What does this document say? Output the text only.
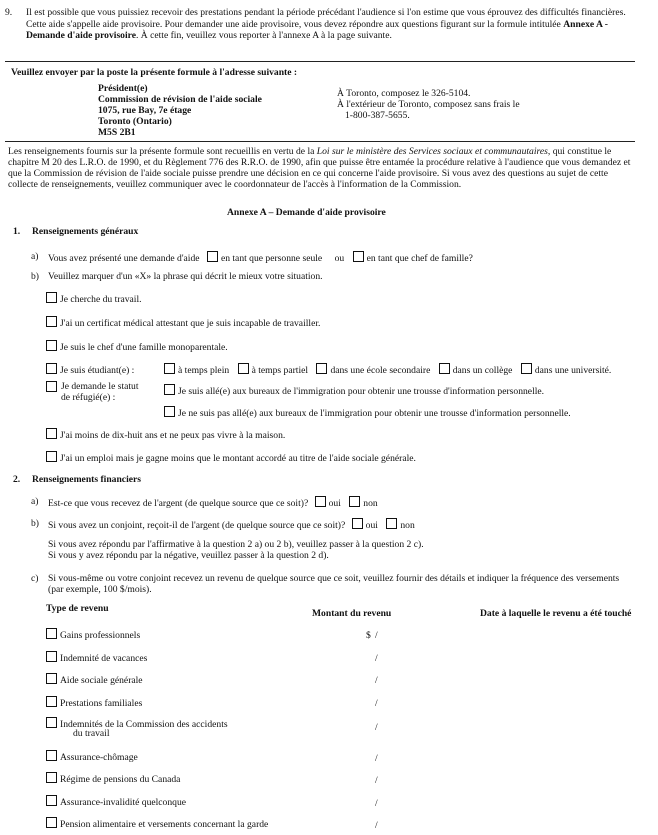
9. Il est possible que vous puissiez recevoir des prestations pendant la période précédant l'audience si l'on estime que vous éprouvez des difficultés financières. Cette aide s'appelle aide provisoire. Pour demander une aide provisoire, vous devez répondre aux questions figurant sur la formule intitulée Annexe A - Demande d'aide provisoire. À cette fin, veuillez vous reporter à l'annexe A à la page suivante.
Veuillez envoyer par la poste la présente formule à l'adresse suivante :
Président(e)
Commission de révision de l'aide sociale
1075, rue Bay, 7e étage
Toronto (Ontario)
M5S 2B1
À Toronto, composez le 326-5104.
À l'extérieur de Toronto, composez sans frais le
1-800-387-5655.
Les renseignements fournis sur la présente formule sont recueillis en vertu de la Loi sur le ministère des Services sociaux et communautaires, qui constitue le chapitre M 20 des L.R.O. de 1990, et du Règlement 776 des R.R.O. de 1990, afin que puisse être entamée la procédure relative à l'audience que vous demandez et que la Commission de révision de l'aide sociale puisse prendre une décision en ce qui concerne l'aide provisoire. Si vous avez des questions au sujet de cette collecte de renseignements, veuillez communiquer avec le coordonnateur de l'accès à l'information de la Commission.
Annexe A – Demande d'aide provisoire
1. Renseignements généraux
a) Vous avez présenté une demande d'aide en tant que personne seule ou en tant que chef de famille?
b) Veuillez marquer d'un «X» la phrase qui décrit le mieux votre situation.
Je cherche du travail.
J'ai un certificat médical attestant que je suis incapable de travailler.
Je suis le chef d'une famille monoparentale.
Je suis étudiant(e) :	à temps plein à temps partiel dans une école secondaire dans un collège dans une université.
Je demande le statut
de réfugié(e) :
Je suis allé(e) aux bureaux de l'immigration pour obtenir une trousse d'information personnelle.
Je ne suis pas allé(e) aux bureaux de l'immigration pour obtenir une trousse d'information personnelle.
J'ai moins de dix-huit ans et ne peux pas vivre à la maison.
J'ai un emploi mais je gagne moins que le montant accordé au titre de l'aide sociale générale.
2. Renseignements financiers
a) Est-ce que vous recevez de l'argent (de quelque source que ce soit)? oui non
b) Si vous avez un conjoint, reçoit-il de l'argent (de quelque source que ce soit)? oui non
Si vous avez répondu par l'affirmative à la question 2 a) ou 2 b), veuillez passer à la question 2 c).
Si vous y avez répondu par la négative, veuillez passer à la question 2 d).
c) Si vous-même ou votre conjoint recevez un revenu de quelque source que ce soit, veuillez fournir des détails et indiquer la fréquence des versements (par exemple, 100 $/mois).
Type de revenu	Montant du revenu	Date à laquelle le revenu a été touché
Gains professionnels	$ /
Indemnité de vacances	/
Aide sociale générale	/
Prestations familiales	/
Indemnités de la Commission des accidents
du travail
/
Assurance-chômage	/
Régime de pensions du Canada	/
Assurance-invalidité quelconque	/
Pension alimentaire et versements concernant la garde	/
